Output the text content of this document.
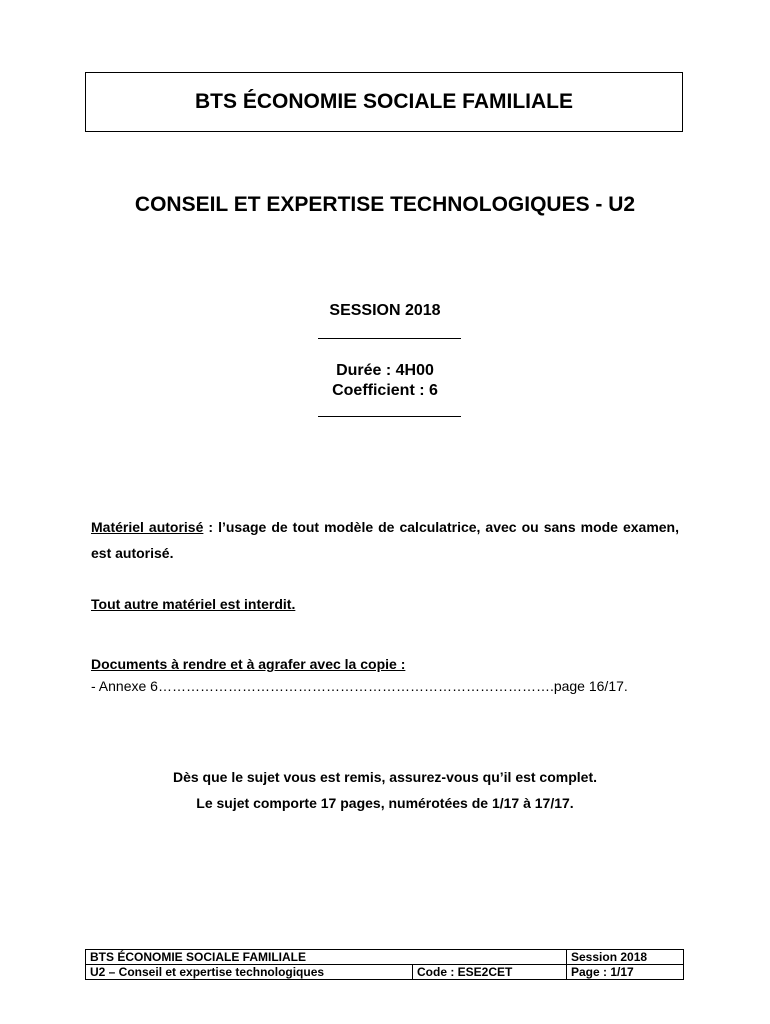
BTS ÉCONOMIE SOCIALE FAMILIALE
CONSEIL ET EXPERTISE TECHNOLOGIQUES - U2
SESSION 2018
Durée : 4H00
Coefficient : 6
Matériel autorisé : l’usage de tout modèle de calculatrice, avec ou sans mode examen, est autorisé.
Tout autre matériel est interdit.
Documents à rendre et à agrafer avec la copie :
- Annexe 6………………………………………………………………………….page 16/17.
Dès que le sujet vous est remis, assurez-vous qu’il est complet.
Le sujet comporte 17 pages, numérotées de 1/17 à 17/17.
BTS ÉCONOMIE SOCIALE FAMILIALE		Session 2018
U2 – Conseil et expertise technologiques	Code : ESE2CET	Page : 1/17
